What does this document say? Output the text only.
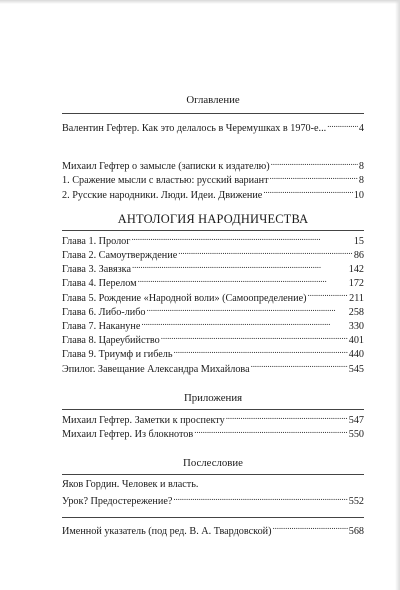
Оглавление
Валентин Гефтер. Как это делалось в Черемушках в 1970-е... . . .	4
Михаил Гефтер о замысле (записки к издателю) . . .	8
1. Сражение мысли с властью: русский вариант . . .	8
2. Русские народники. Люди. Идеи. Движение . . .	10
АНТОЛОГИЯ НАРОДНИЧЕСТВА
Глава 1. Пролог . . .	15
Глава 2. Самоутверждение . . .	86
Глава 3. Завязка . . .	142
Глава 4. Перелом . . .	172
Глава 5. Рождение «Народной воли» (Самоопределение) . . .	211
Глава 6. Либо-либо . . .	258
Глава 7. Накануне . . .	330
Глава 8. Цареубийство . . .	401
Глава 9. Триумф и гибель . . .	440
Эпилог. Завещание Александра Михайлова . . .	545
Приложения
Михаил Гефтер. Заметки к проспекту . . .	547
Михаил Гефтер. Из блокнотов . . .	550
Послесловие
Яков Гордин. Человек и власть.
Урок? Предостережение? . . .	552
Именной указатель (под ред. В. А. Твардовской) . . .	568
